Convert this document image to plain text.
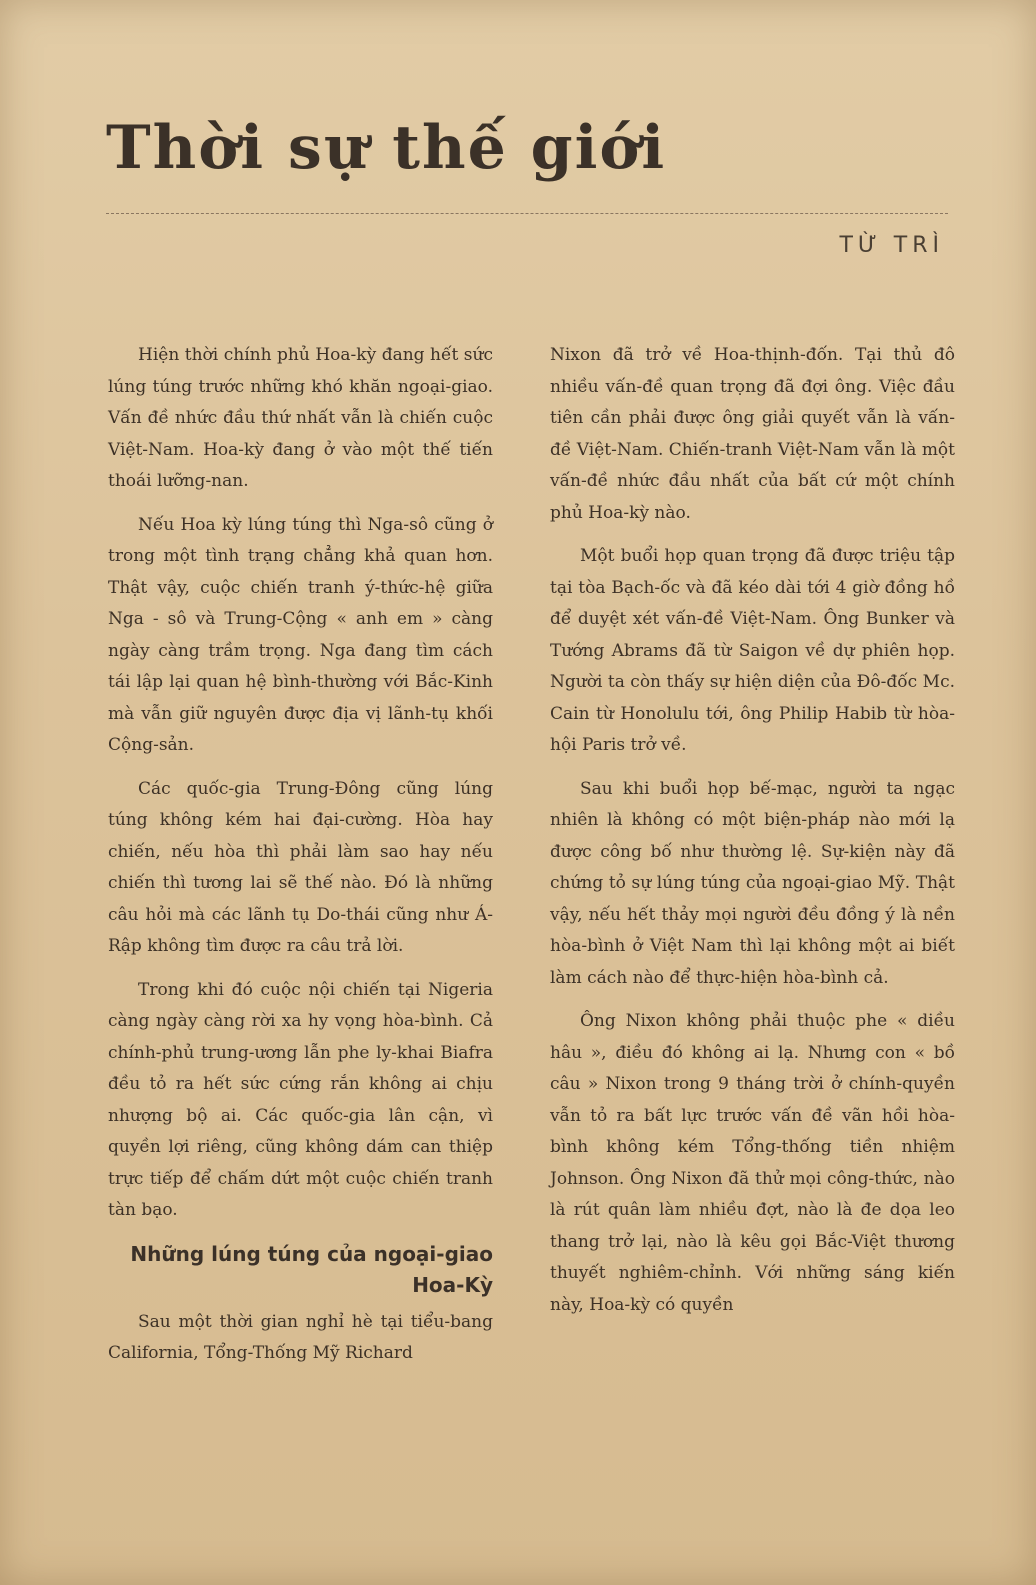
Thời sự thế giới
TỪ TRÌ

Hiện thời chính phủ Hoa-kỳ đang hết sức lúng túng trước những khó khăn ngoại-giao. Vấn đề nhức đầu thứ nhất vẫn là chiến cuộc Việt-Nam. Hoa-kỳ đang ở vào một thế tiến thoái lưỡng-nan.

Nếu Hoa kỳ lúng túng thì Nga-sô cũng ở trong một tình trạng chẳng khả quan hơn. Thật vậy, cuộc chiến tranh ý-thức-hệ giữa Nga - sô và Trung-Cộng « anh em » càng ngày càng trầm trọng. Nga đang tìm cách tái lập lại quan hệ bình-thường với Bắc-Kinh mà vẫn giữ nguyên được địa vị lãnh-tụ khối Cộng-sản.

Các quốc-gia Trung-Đông cũng lúng túng không kém hai đại-cường. Hòa hay chiến, nếu hòa thì phải làm sao hay nếu chiến thì tương lai sẽ thế nào. Đó là những câu hỏi mà các lãnh tụ Do-thái cũng như Á-Rập không tìm được ra câu trả lời.

Trong khi đó cuộc nội chiến tại Nigeria càng ngày càng rời xa hy vọng hòa-bình. Cả chính-phủ trung-ương lẫn phe ly-khai Biafra đều tỏ ra hết sức cứng rắn không ai chịu nhượng bộ ai. Các quốc-gia lân cận, vì quyền lợi riêng, cũng không dám can thiệp trực tiếp để chấm dứt một cuộc chiến tranh tàn bạo.

Những lúng túng của ngoại-giao Hoa-Kỳ

Sau một thời gian nghỉ hè tại tiểu-bang California, Tổng-Thống Mỹ Richard

Nixon đã trở về Hoa-thịnh-đốn. Tại thủ đô nhiều vấn-đề quan trọng đã đợi ông. Việc đầu tiên cần phải được ông giải quyết vẫn là vấn-đề Việt-Nam. Chiến-tranh Việt-Nam vẫn là một vấn-đề nhức đầu nhất của bất cứ một chính phủ Hoa-kỳ nào.

Một buổi họp quan trọng đã được triệu tập tại tòa Bạch-ốc và đã kéo dài tới 4 giờ đồng hồ để duyệt xét vấn-đề Việt-Nam. Ông Bunker và Tướng Abrams đã từ Saigon về dự phiên họp. Người ta còn thấy sự hiện diện của Đô-đốc Mc. Cain từ Honolulu tới, ông Philip Habib từ hòa-hội Paris trở về.

Sau khi buổi họp bế-mạc, người ta ngạc nhiên là không có một biện-pháp nào mới lạ được công bố như thường lệ. Sự-kiện này đã chứng tỏ sự lúng túng của ngoại-giao Mỹ. Thật vậy, nếu hết thảy mọi người đều đồng ý là nền hòa-bình ở Việt Nam thì lại không một ai biết làm cách nào để thực-hiện hòa-bình cả.

Ông Nixon không phải thuộc phe « diều hâu », điều đó không ai lạ. Nhưng con « bồ câu » Nixon trong 9 tháng trời ở chính-quyền vẫn tỏ ra bất lực trước vấn đề vãn hồi hòa-bình không kém Tổng-thống tiền nhiệm Johnson. Ông Nixon đã thử mọi công-thức, nào là rút quân làm nhiều đợt, nào là đe dọa leo thang trở lại, nào là kêu gọi Bắc-Việt thương thuyết nghiêm-chỉnh. Với những sáng kiến này, Hoa-kỳ có quyền
